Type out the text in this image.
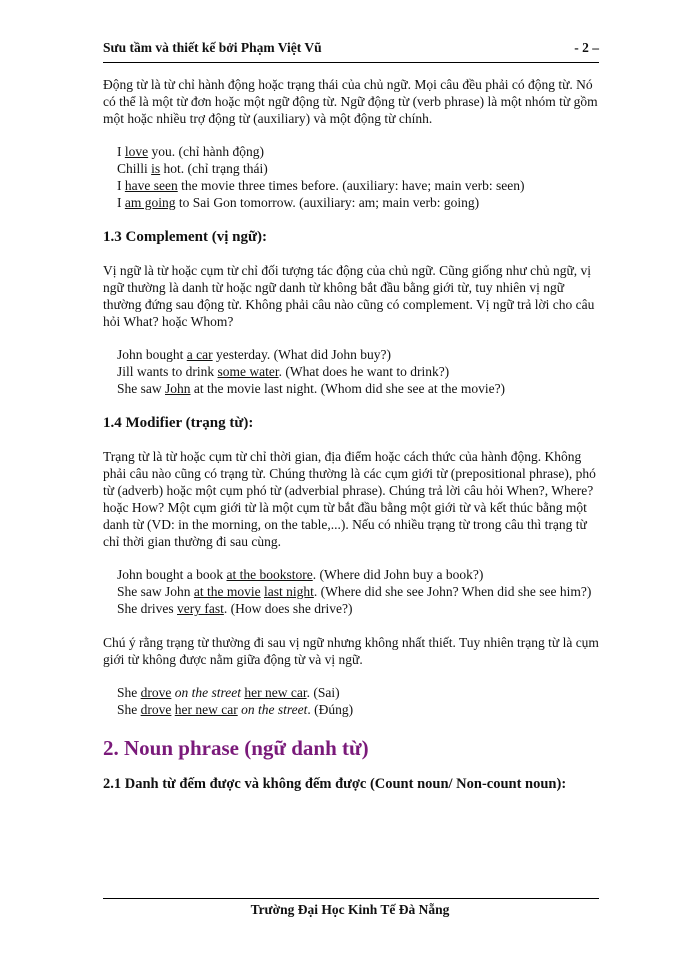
Sưu tầm và thiết kế bởi Phạm Việt Vũ	- 2 –

Động từ là từ chỉ hành động hoặc trạng thái của chủ ngữ. Mọi câu đều phải có động từ. Nó có thể là một từ đơn hoặc một ngữ động từ. Ngữ động từ (verb phrase) là một nhóm từ gồm một hoặc nhiều trợ động từ (auxiliary) và một động từ chính.

I love you. (chỉ hành động)

Chilli is hot. (chỉ trạng thái)

I have seen the movie three times before. (auxiliary: have; main verb: seen)

I am going to Sai Gon tomorrow. (auxiliary: am; main verb: going)

1.3 Complement (vị ngữ):

Vị ngữ là từ hoặc cụm từ chỉ đối tượng tác động của chủ ngữ. Cũng giống như chủ ngữ, vị ngữ thường là danh từ hoặc ngữ danh từ không bắt đầu bằng giới từ, tuy nhiên vị ngữ thường đứng sau động từ. Không phải câu nào cũng có complement. Vị ngữ trả lời cho câu hỏi What? hoặc Whom?

John bought a car yesterday. (What did John buy?)

Jill wants to drink some water. (What does he want to drink?)

She saw John at the movie last night. (Whom did she see at the movie?)

1.4 Modifier (trạng từ):

Trạng từ là từ hoặc cụm từ chỉ thời gian, địa điểm hoặc cách thức của hành động. Không phải câu nào cũng có trạng từ. Chúng thường là các cụm giới từ (prepositional phrase), phó từ (adverb) hoặc một cụm phó từ (adverbial phrase). Chúng trả lời câu hỏi When?, Where? hoặc How? Một cụm giới từ là một cụm từ bắt đầu bằng một giới từ và kết thúc bằng một danh từ (VD: in the morning, on the table,...). Nếu có nhiều trạng từ trong câu thì trạng từ chỉ thời gian thường đi sau cùng.

John bought a book at the bookstore. (Where did John buy a book?)

She saw John at the movie last night. (Where did she see John? When did she see him?)

She drives very fast. (How does she drive?)

Chú ý rằng trạng từ thường đi sau vị ngữ nhưng không nhất thiết. Tuy nhiên trạng từ là cụm giới từ không được nằm giữa động từ và vị ngữ.

She drove on the street her new car. (Sai)

She drove her new car on the street. (Đúng)

2. Noun phrase (ngữ danh từ)
2.1 Danh từ đếm được và không đếm được (Count noun/ Non-count noun):
Trường Đại Học Kinh Tế Đà Nẵng
